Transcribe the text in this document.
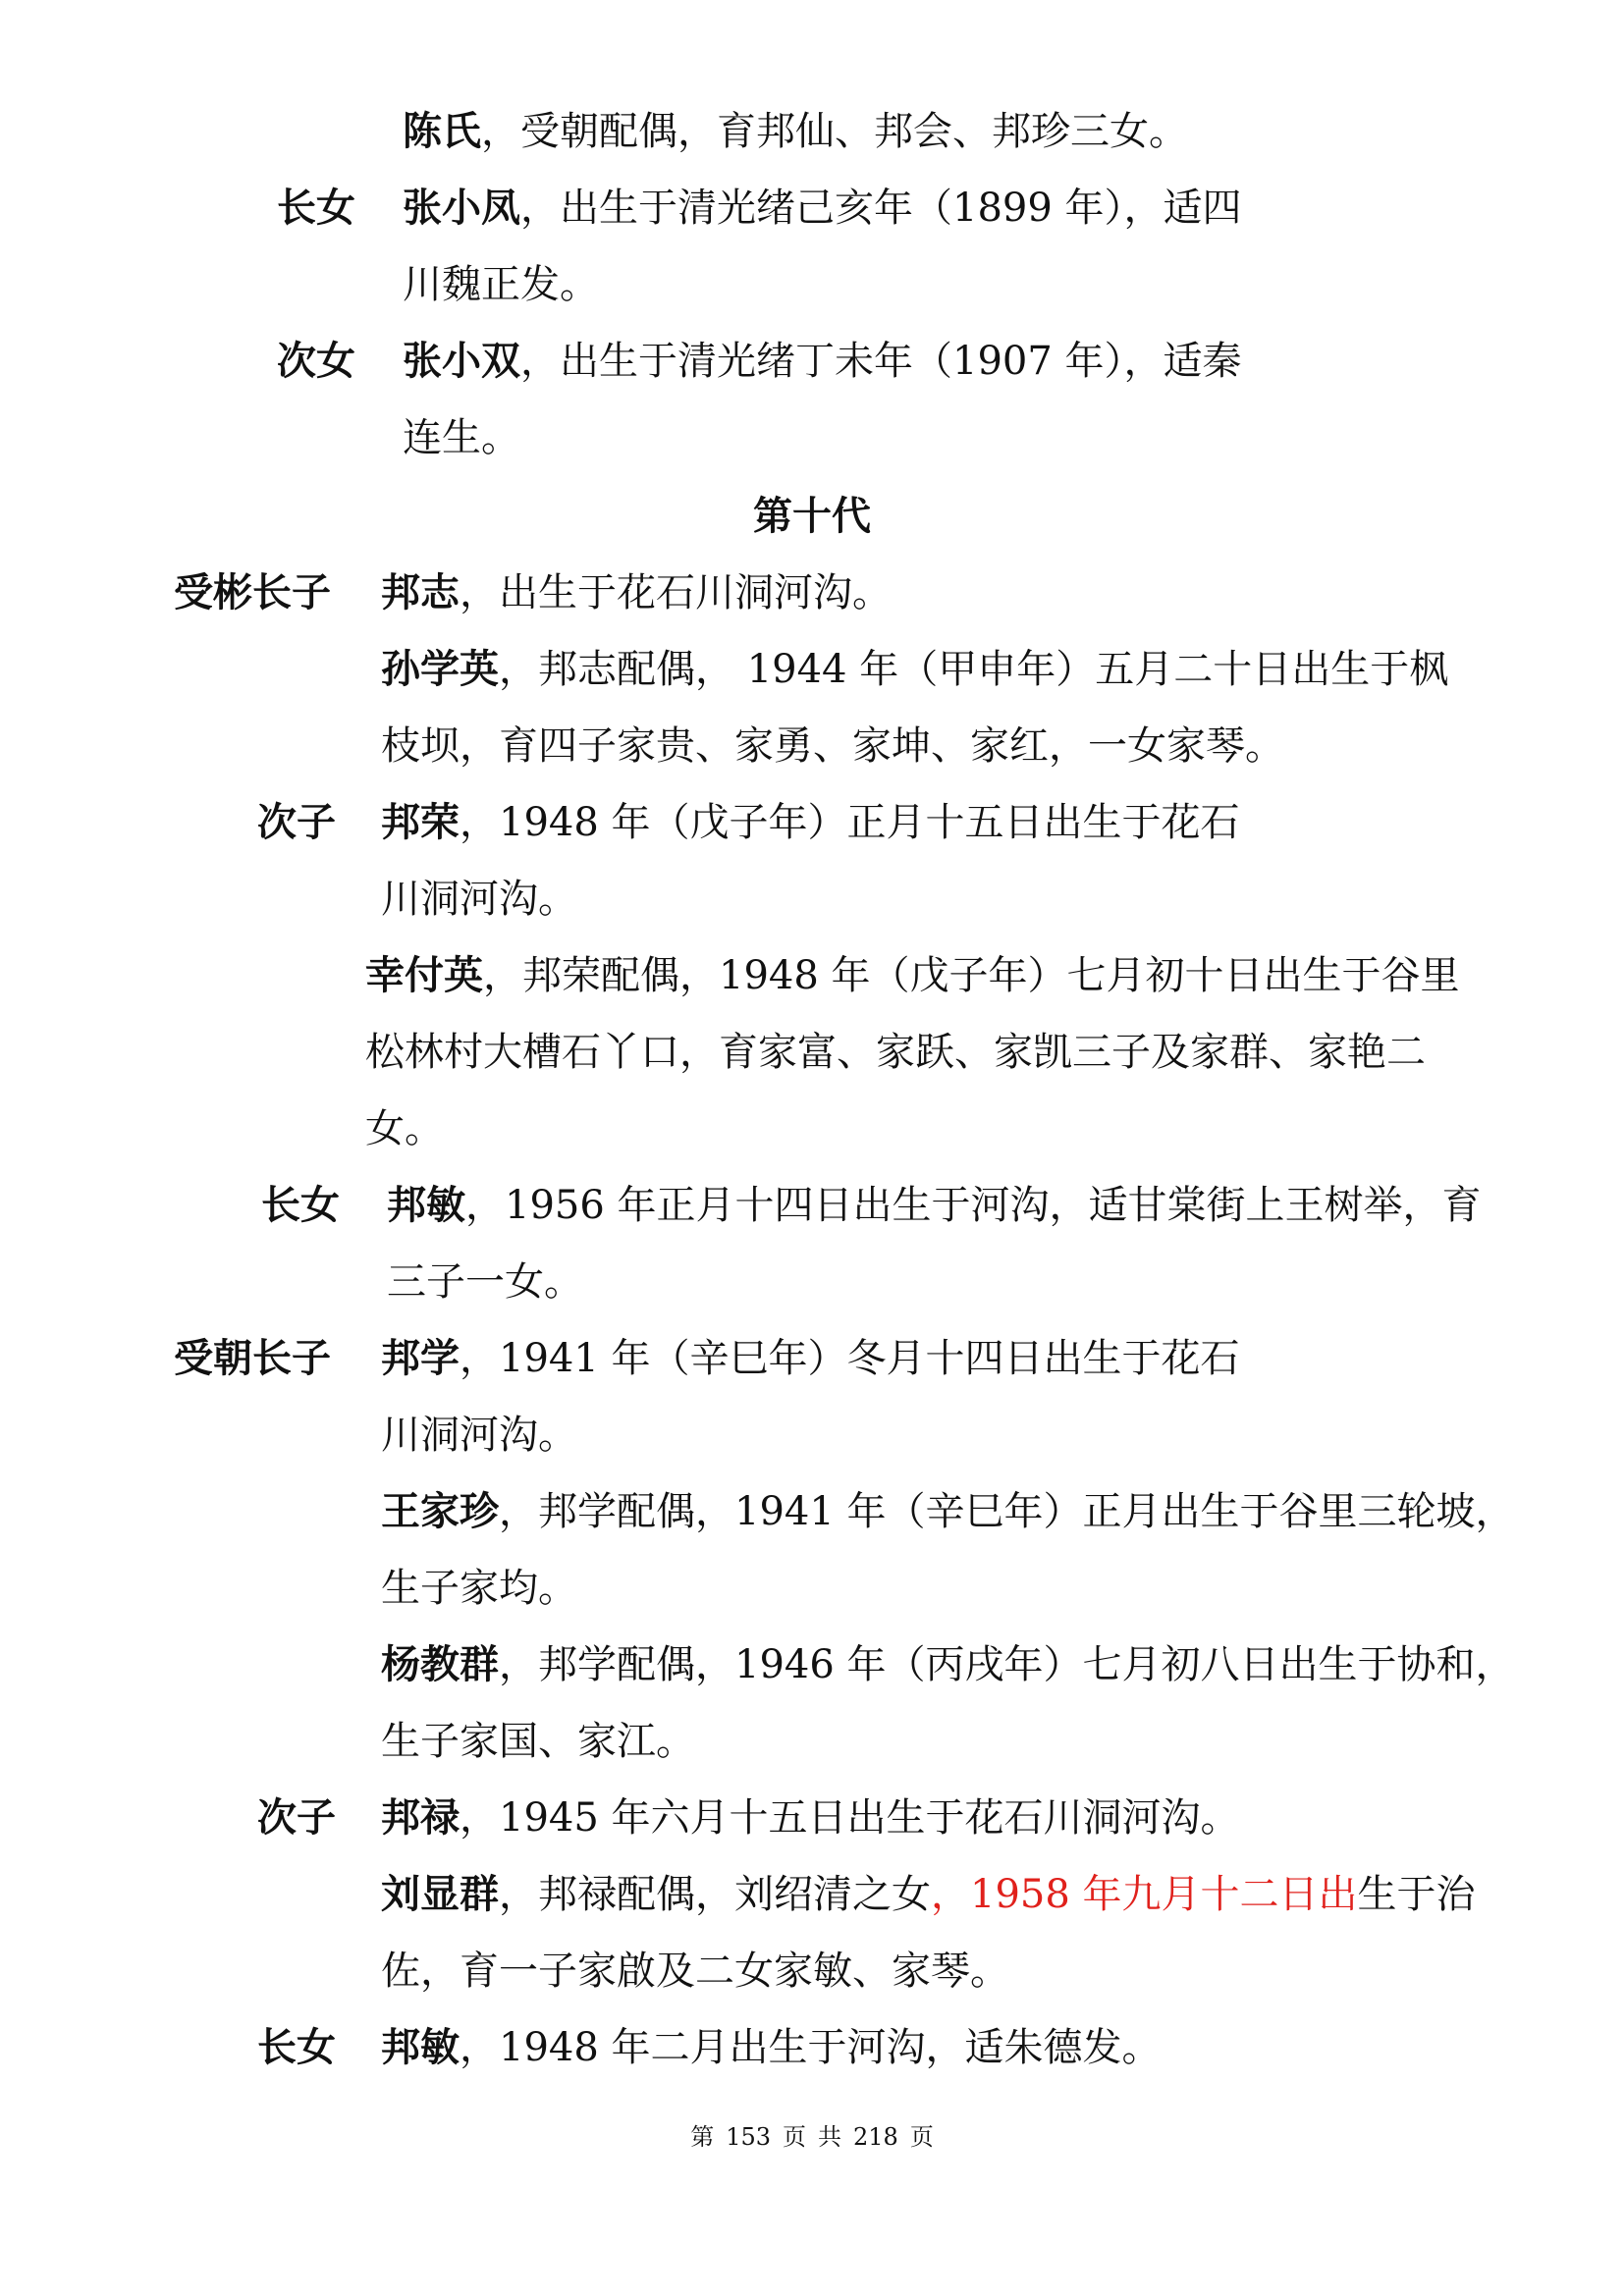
陈氏，受朝配偶，育邦仙、邦会、邦珍三女。
长女 张小凤，出生于清光绪己亥年（1899 年），适四
川魏正发。
次女 张小双，出生于清光绪丁未年（1907 年），适秦
连生。
第十代
受彬长子 邦志，出生于花石川洞河沟。
孙学英，邦志配偶， 1944 年（甲申年）五月二十日出生于枫
枝坝，育四子家贵、家勇、家坤、家红，一女家琴。
次子 邦荣，1948 年（戊子年）正月十五日出生于花石
川洞河沟。
幸付英，邦荣配偶，1948 年（戊子年）七月初十日出生于谷里
松林村大槽石丫口，育家富、家跃、家凯三子及家群、家艳二
女。
长女 邦敏，1956 年正月十四日出生于河沟，适甘棠街上王树举，育
三子一女。
受朝长子 邦学，1941 年（辛巳年）冬月十四日出生于花石
川洞河沟。
王家珍，邦学配偶，1941 年（辛巳年）正月出生于谷里三轮坡，
生子家均。
杨教群，邦学配偶，1946 年（丙戌年）七月初八日出生于协和，
生子家国、家江。
次子 邦禄，1945 年六月十五日出生于花石川洞河沟。
刘显群，邦禄配偶，刘绍清之女，1958 年九月十二日出生于治
佐，育一子家啟及二女家敏、家琴。
长女 邦敏，1948 年二月出生于河沟，适朱德发。
第 153 页 共 218 页
